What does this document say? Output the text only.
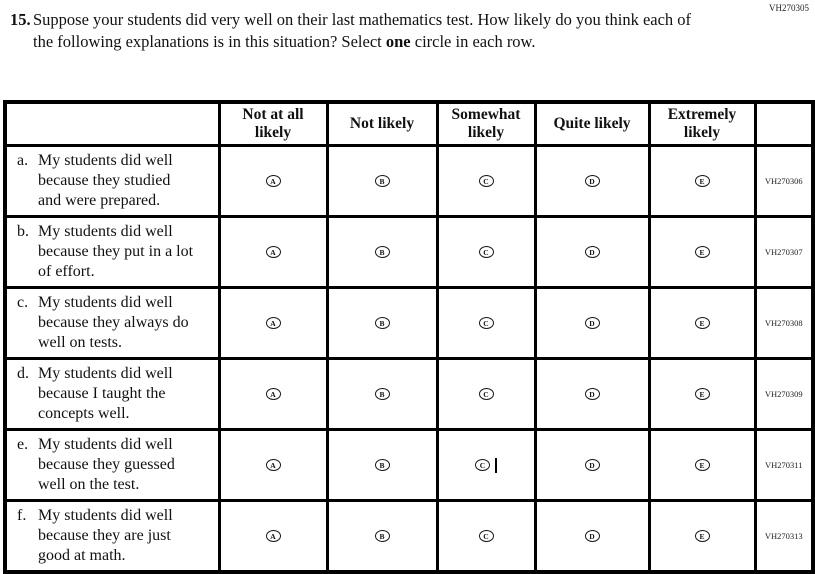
VH270305
15. Suppose your students did very well on their last mathematics test. How likely do you think each of the following explanations is in this situation? Select one circle in each row.
	Not at all likely	Not likely	Somewhat likely	Quite likely	Extremely likely	

a. My students did well because they studied and were prepared.	A	B	C	D	E	VH270306

b. My students did well because they put in a lot of effort.	A	B	C	D	E	VH270307

c. My students did well because they always do well on tests.	A	B	C	D	E	VH270308

d. My students did well because I taught the concepts well.	A	B	C	D	E	VH270309

e. My students did well because they guessed well on the test.	A	B	C	D	E	VH270311

f. My students did well because they are just good at math.	A	B	C	D	E	VH270313
